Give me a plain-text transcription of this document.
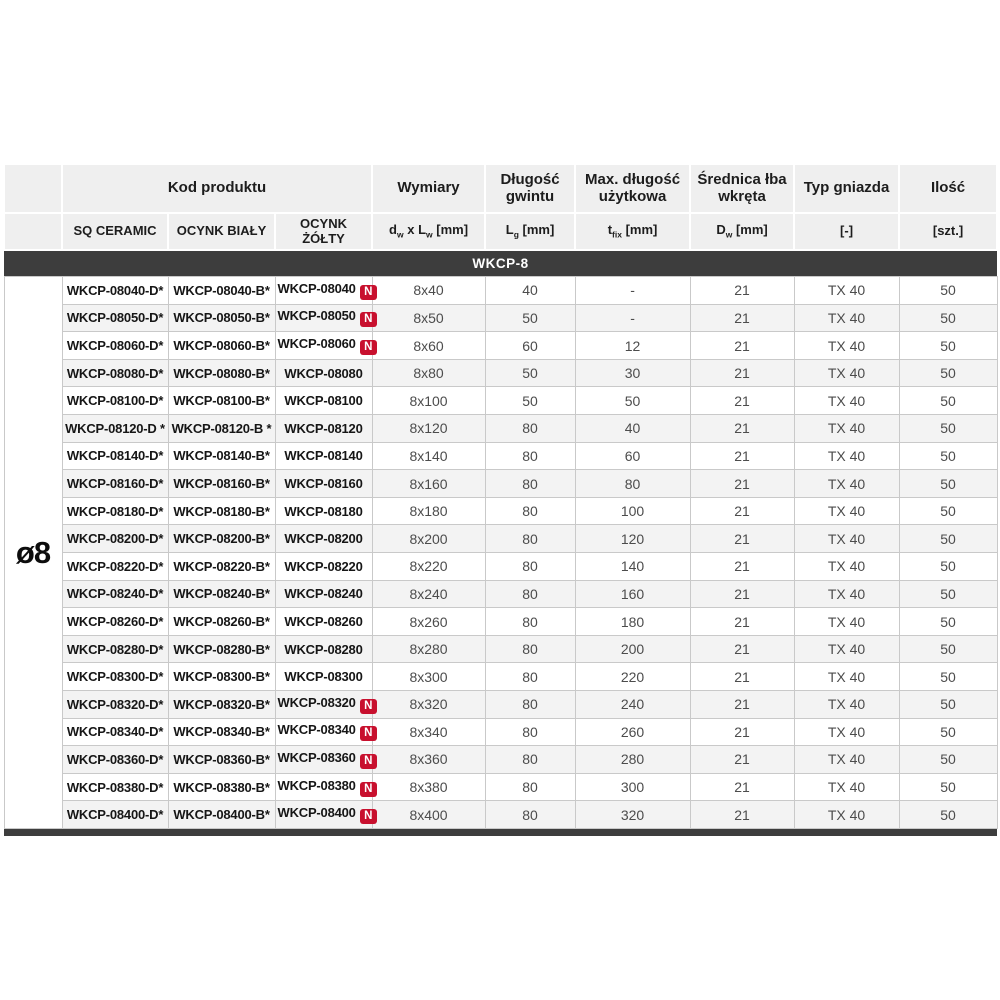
	Kod produktu			Wymiary	Długość gwintu	Max. długość użytkowa	Średnica łba wkręta	Typ gniazda	Ilość
	SQ CERAMIC	OCYNK BIAŁY	OCYNK ŻÓŁTY	$d_w$ x $L_w$ [mm]	$L_g$ [mm]	$t_{fix}$ [mm]	$D_w$ [mm]	[-]	[szt.]
WKCP-8									
ø8	WKCP-08040-D*	WKCP-08040-B*	WKCP-08040 N	8x40	40	-	21	TX 40	50
	WKCP-08050-D*	WKCP-08050-B*	WKCP-08050 N	8x50	50	-	21	TX 40	50
	WKCP-08060-D*	WKCP-08060-B*	WKCP-08060 N	8x60	60	12	21	TX 40	50
	WKCP-08080-D*	WKCP-08080-B*	WKCP-08080	8x80	50	30	21	TX 40	50
	WKCP-08100-D*	WKCP-08100-B*	WKCP-08100	8x100	50	50	21	TX 40	50
	WKCP-08120-D *	WKCP-08120-B *	WKCP-08120	8x120	80	40	21	TX 40	50
	WKCP-08140-D*	WKCP-08140-B*	WKCP-08140	8x140	80	60	21	TX 40	50
	WKCP-08160-D*	WKCP-08160-B*	WKCP-08160	8x160	80	80	21	TX 40	50
	WKCP-08180-D*	WKCP-08180-B*	WKCP-08180	8x180	80	100	21	TX 40	50
	WKCP-08200-D*	WKCP-08200-B*	WKCP-08200	8x200	80	120	21	TX 40	50
	WKCP-08220-D*	WKCP-08220-B*	WKCP-08220	8x220	80	140	21	TX 40	50
	WKCP-08240-D*	WKCP-08240-B*	WKCP-08240	8x240	80	160	21	TX 40	50
	WKCP-08260-D*	WKCP-08260-B*	WKCP-08260	8x260	80	180	21	TX 40	50
	WKCP-08280-D*	WKCP-08280-B*	WKCP-08280	8x280	80	200	21	TX 40	50
	WKCP-08300-D*	WKCP-08300-B*	WKCP-08300	8x300	80	220	21	TX 40	50
	WKCP-08320-D*	WKCP-08320-B*	WKCP-08320 N	8x320	80	240	21	TX 40	50
	WKCP-08340-D*	WKCP-08340-B*	WKCP-08340 N	8x340	80	260	21	TX 40	50
	WKCP-08360-D*	WKCP-08360-B*	WKCP-08360 N	8x360	80	280	21	TX 40	50
	WKCP-08380-D*	WKCP-08380-B*	WKCP-08380 N	8x380	80	300	21	TX 40	50
	WKCP-08400-D*	WKCP-08400-B*	WKCP-08400 N	8x400	80	320	21	TX 40	50
